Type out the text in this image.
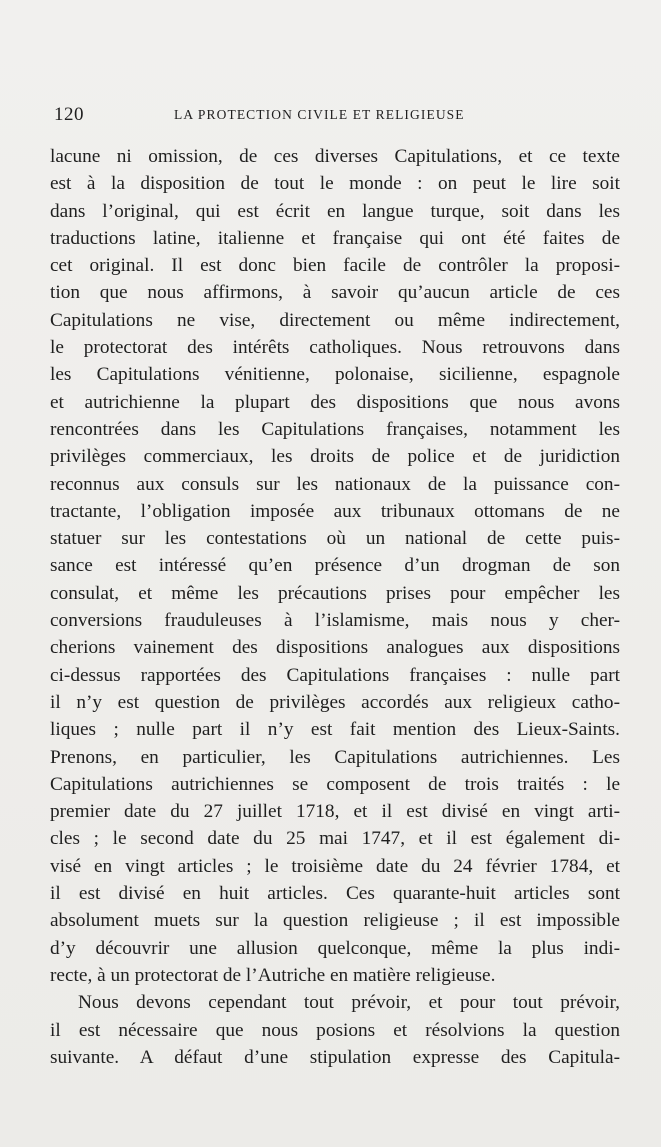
120	LA PROTECTION CIVILE ET RELIGIEUSE
lacune ni omission, de ces diverses Capitulations, et ce texte
est à la disposition de tout le monde : on peut le lire soit
dans l’original, qui est écrit en langue turque, soit dans les
traductions latine, italienne et française qui ont été faites de
cet original. Il est donc bien facile de contrôler la proposi-
tion que nous affirmons, à savoir qu’aucun article de ces
Capitulations ne vise, directement ou même indirectement,
le protectorat des intérêts catholiques. Nous retrouvons dans
les Capitulations vénitienne, polonaise, sicilienne, espagnole
et autrichienne la plupart des dispositions que nous avons
rencontrées dans les Capitulations françaises, notamment les
privilèges commerciaux, les droits de police et de juridiction
reconnus aux consuls sur les nationaux de la puissance con-
tractante, l’obligation imposée aux tribunaux ottomans de ne
statuer sur les contestations où un national de cette puis-
sance est intéressé qu’en présence d’un drogman de son
consulat, et même les précautions prises pour empêcher les
conversions frauduleuses à l’islamisme, mais nous y cher-
cherions vainement des dispositions analogues aux dispositions
ci-dessus rapportées des Capitulations françaises : nulle part
il n’y est question de privilèges accordés aux religieux catho-
liques ; nulle part il n’y est fait mention des Lieux-Saints.
Prenons, en particulier, les Capitulations autrichiennes. Les
Capitulations autrichiennes se composent de trois traités : le
premier date du 27 juillet 1718, et il est divisé en vingt arti-
cles ; le second date du 25 mai 1747, et il est également di-
visé en vingt articles ; le troisième date du 24 février 1784, et
il est divisé en huit articles. Ces quarante-huit articles sont
absolument muets sur la question religieuse ; il est impossible
d’y découvrir une allusion quelconque, même la plus indi-
recte, à un protectorat de l’Autriche en matière religieuse.
Nous devons cependant tout prévoir, et pour tout prévoir,
il est nécessaire que nous posions et résolvions la question
suivante. A défaut d’une stipulation expresse des Capitula-
